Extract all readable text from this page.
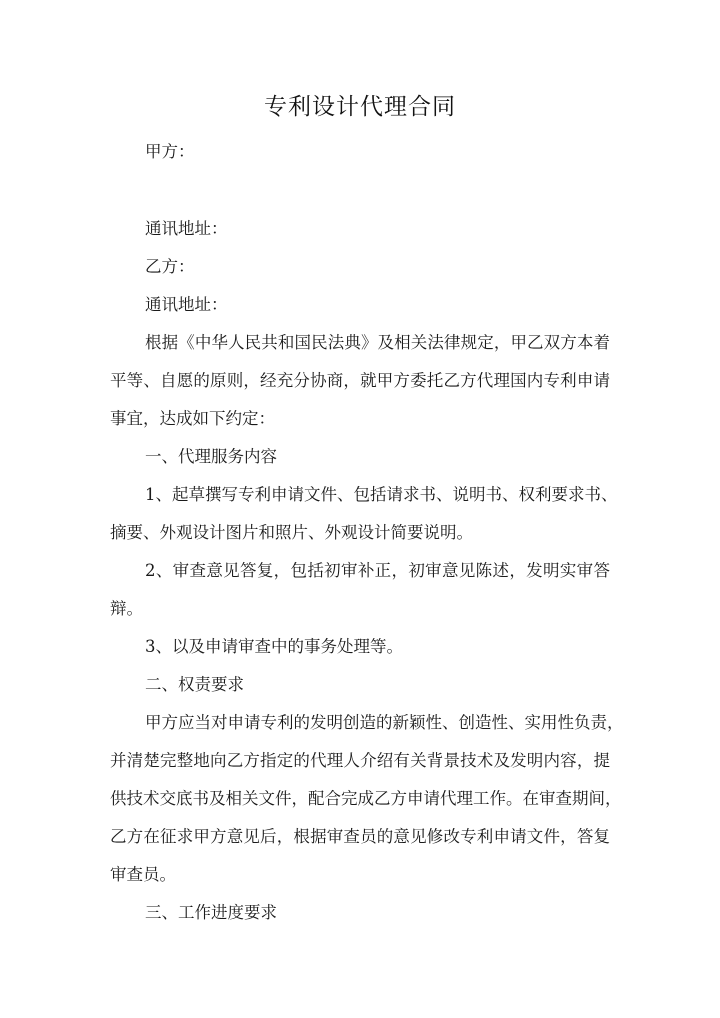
专利设计代理合同
甲方：
通讯地址：
乙方：
通讯地址：
根据《中华人民共和国民法典》及相关法律规定，甲乙双方本着
平等、自愿的原则，经充分协商，就甲方委托乙方代理国内专利申请
事宜，达成如下约定：
一、代理服务内容
1、起草撰写专利申请文件、包括请求书、说明书、权利要求书、
摘要、外观设计图片和照片、外观设计简要说明。
2、审查意见答复，包括初审补正，初审意见陈述，发明实审答
辩。
3、以及申请审查中的事务处理等。
二、权责要求
甲方应当对申请专利的发明创造的新颖性、创造性、实用性负责，
并清楚完整地向乙方指定的代理人介绍有关背景技术及发明内容，提
供技术交底书及相关文件，配合完成乙方申请代理工作。在审查期间，
乙方在征求甲方意见后，根据审查员的意见修改专利申请文件，答复
审查员。
三、工作进度要求
